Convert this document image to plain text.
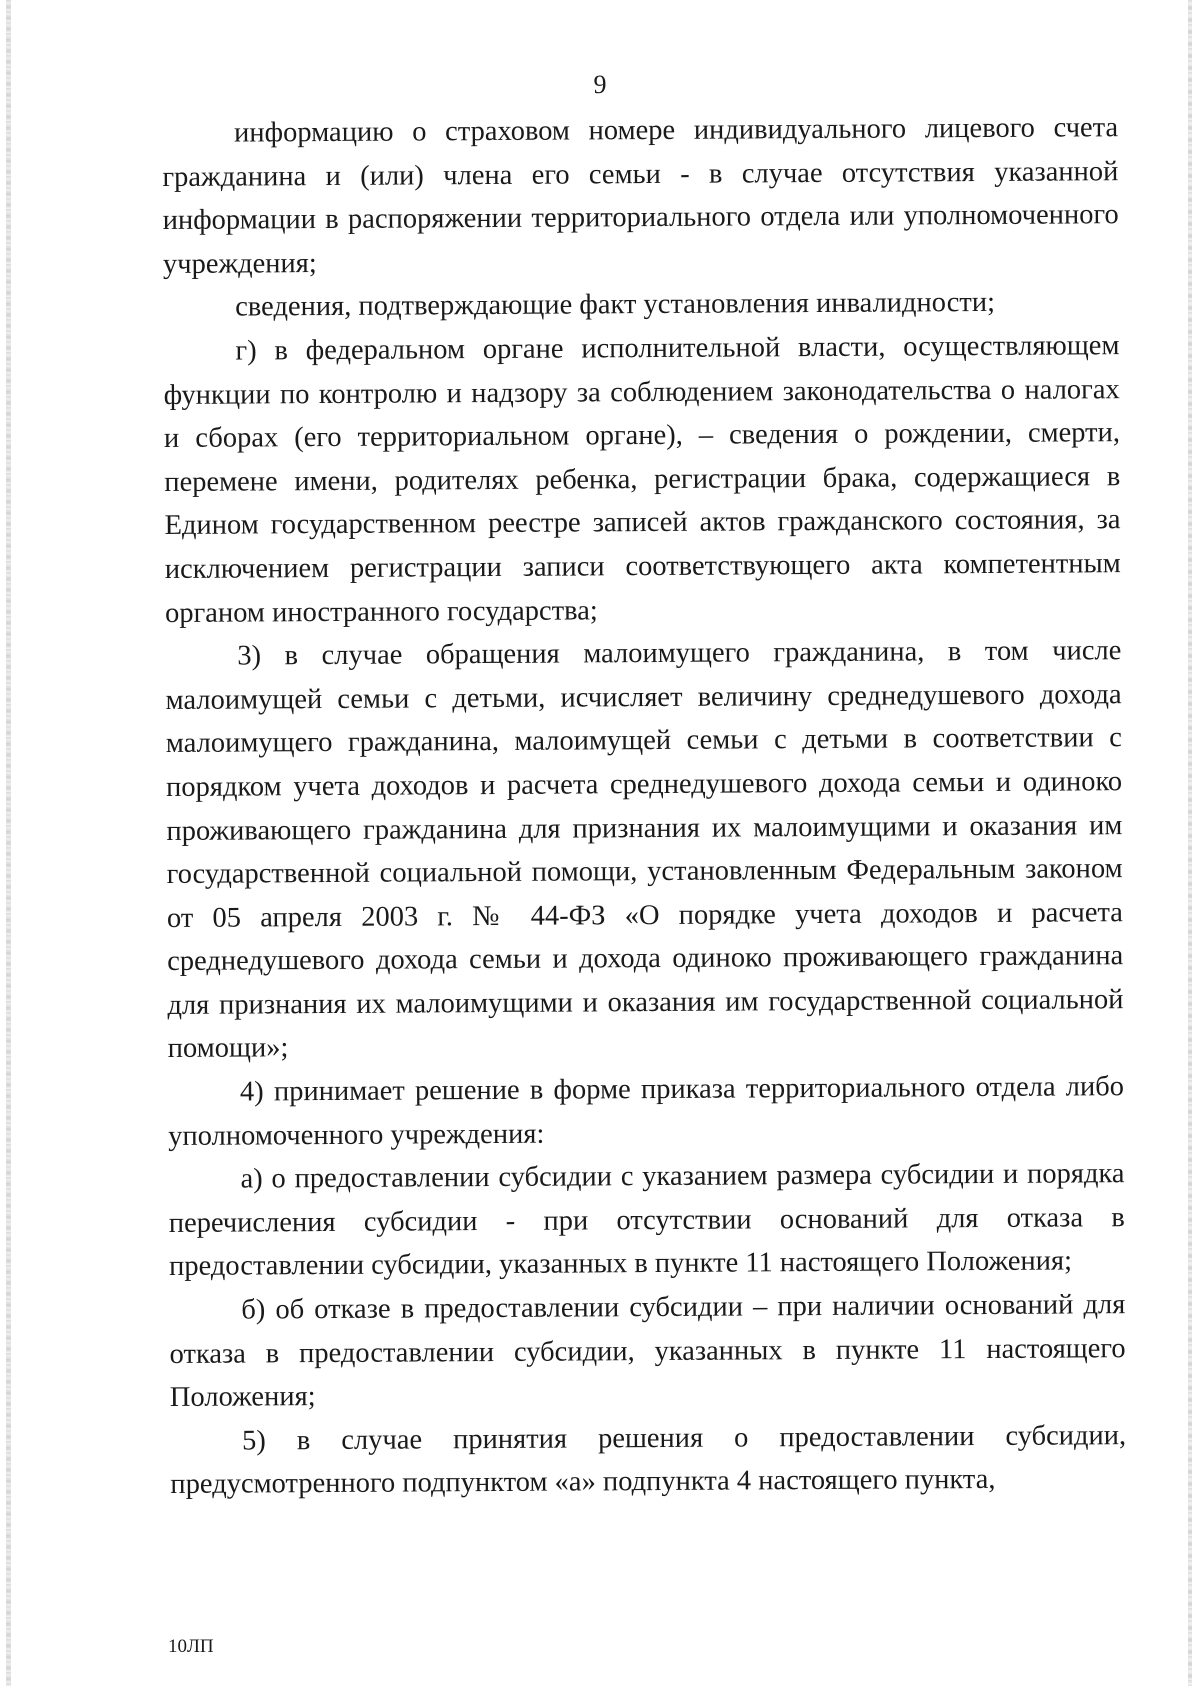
9

информацию о страховом номере индивидуального лицевого счета гражданина и (или) члена его семьи - в случае отсутствия указанной информации в распоряжении территориального отдела или уполномоченного учреждения;

сведения, подтверждающие факт установления инвалидности;

г) в федеральном органе исполнительной власти, осуществляющем функции по контролю и надзору за соблюдением законодательства о налогах и сборах (его территориальном органе), – сведения о рождении, смерти, перемене имени, родителях ребенка, регистрации брака, содержащиеся в Едином государственном реестре записей актов гражданского состояния, за исключением регистрации записи соответствующего акта компетентным органом иностранного государства;

3) в случае обращения малоимущего гражданина, в том числе малоимущей семьи с детьми, исчисляет величину среднедушевого дохода малоимущего гражданина, малоимущей семьи с детьми в соответствии с порядком учета доходов и расчета среднедушевого дохода семьи и одиноко проживающего гражданина для признания их малоимущими и оказания им государственной социальной помощи, установленным Федеральным законом от 05 апреля 2003 г. № 44-ФЗ «О порядке учета доходов и расчета среднедушевого дохода семьи и дохода одиноко проживающего гражданина для признания их малоимущими и оказания им государственной социальной помощи»;

4) принимает решение в форме приказа территориального отдела либо уполномоченного учреждения:

а) о предоставлении субсидии с указанием размера субсидии и порядка перечисления субсидии - при отсутствии оснований для отказа в предоставлении субсидии, указанных в пункте 11 настоящего Положения;

б) об отказе в предоставлении субсидии – при наличии оснований для отказа в предоставлении субсидии, указанных в пункте 11 настоящего Положения;

5) в случае принятия решения о предоставлении субсидии, предусмотренного подпунктом «а» подпункта 4 настоящего пункта,

10ЛП
